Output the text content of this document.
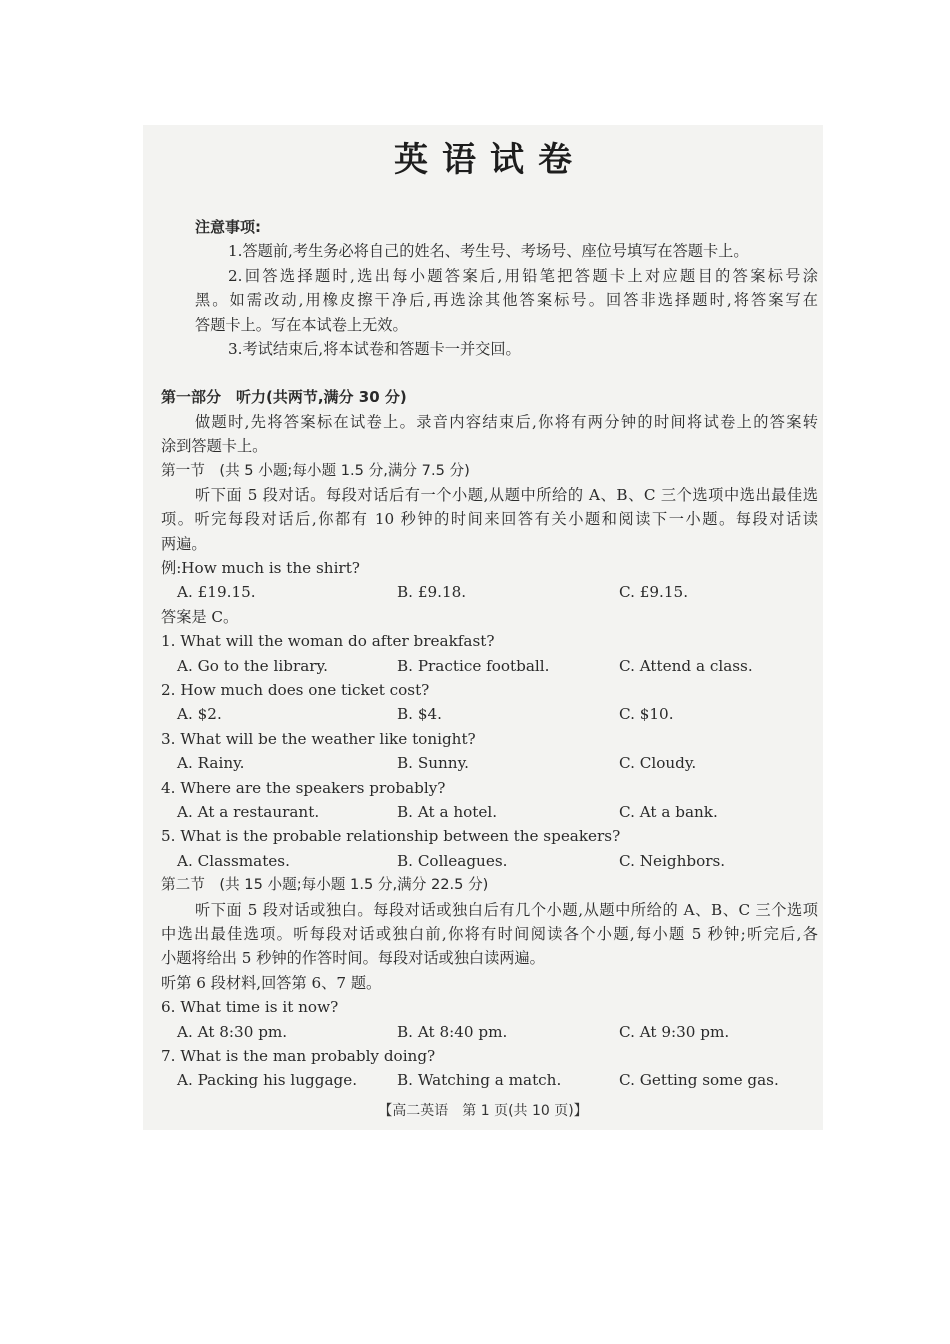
英语试卷
注意事项:
1.答题前,考生务必将自己的姓名、考生号、考场号、座位号填写在答题卡上。
2.回答选择题时,选出每小题答案后,用铅笔把答题卡上对应题目的答案标号涂
黑。如需改动,用橡皮擦干净后,再选涂其他答案标号。回答非选择题时,将答案写在
答题卡上。写在本试卷上无效。
3.考试结束后,将本试卷和答题卡一并交回。
第一部分　听力(共两节,满分 30 分)
做题时,先将答案标在试卷上。录音内容结束后,你将有两分钟的时间将试卷上的答案转
涂到答题卡上。
第一节　(共 5 小题;每小题 1.5 分,满分 7.5 分)
听下面 5 段对话。每段对话后有一个小题,从题中所给的 A、B、C 三个选项中选出最佳选
项。听完每段对话后,你都有 10 秒钟的时间来回答有关小题和阅读下一小题。每段对话读
两遍。
例:How much is the shirt?
A. £19.15.	B. £9.18.	C. £9.15.
答案是 C。
1. What will the woman do after breakfast?
A. Go to the library.	B. Practice football.	C. Attend a class.
2. How much does one ticket cost?
A. $2.	B. $4.	C. $10.
3. What will be the weather like tonight?
A. Rainy.	B. Sunny.	C. Cloudy.
4. Where are the speakers probably?
A. At a restaurant.	B. At a hotel.	C. At a bank.
5. What is the probable relationship between the speakers?
A. Classmates.	B. Colleagues.	C. Neighbors.
第二节　(共 15 小题;每小题 1.5 分,满分 22.5 分)
听下面 5 段对话或独白。每段对话或独白后有几个小题,从题中所给的 A、B、C 三个选项
中选出最佳选项。听每段对话或独白前,你将有时间阅读各个小题,每小题 5 秒钟;听完后,各
小题将给出 5 秒钟的作答时间。每段对话或独白读两遍。
听第 6 段材料,回答第 6、7 题。
6. What time is it now?
A. At 8:30 pm.	B. At 8:40 pm.	C. At 9:30 pm.
7. What is the man probably doing?
A. Packing his luggage.	B. Watching a match.	C. Getting some gas.
【高二英语　第 1 页(共 10 页)】
